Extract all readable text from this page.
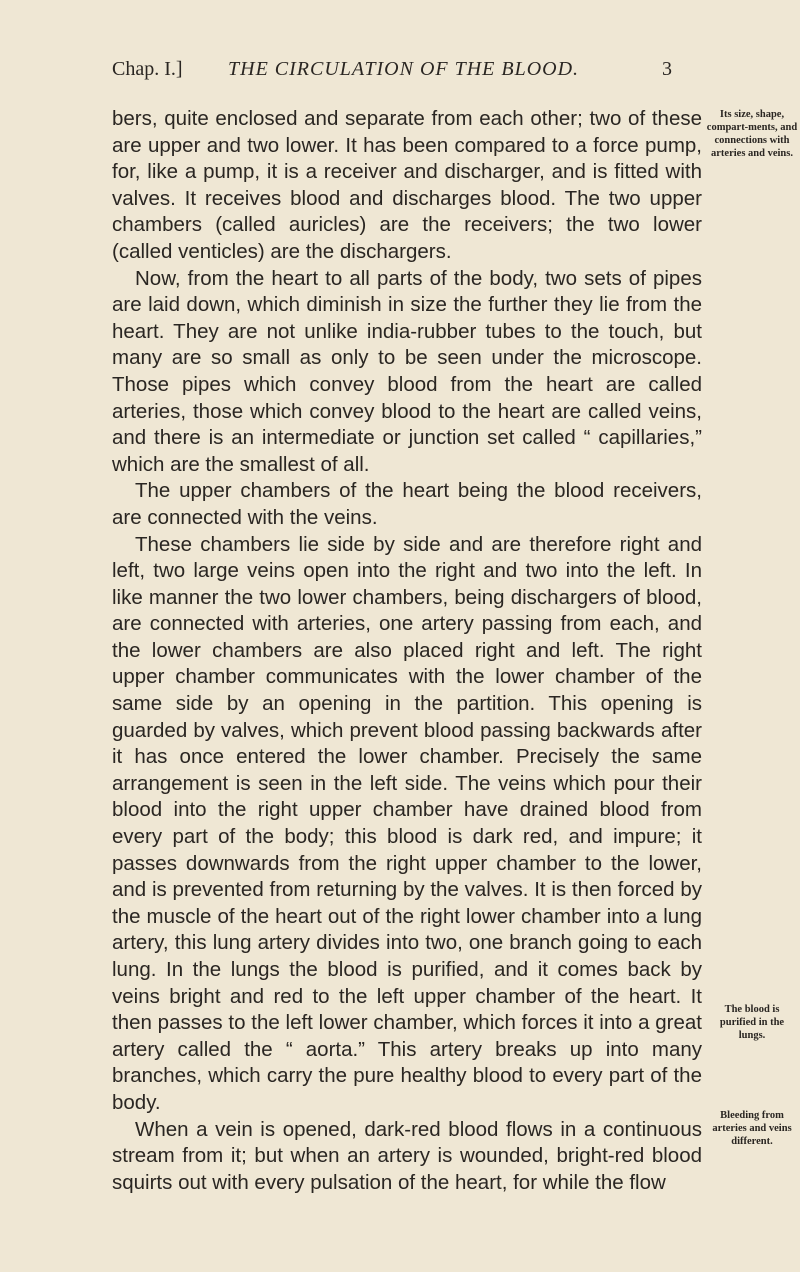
Chap. I.] THE CIRCULATION OF THE BLOOD.	3

bers, quite enclosed and separate from each other; two of these are upper and two lower. It has been compared to a force pump, for, like a pump, it is a receiver and discharger, and is fitted with valves. It receives blood and discharges blood. The two upper chambers (called auricles) are the receivers; the two lower (called venticles) are the dischargers.

Now, from the heart to all parts of the body, two sets of pipes are laid down, which diminish in size the further they lie from the heart. They are not unlike india-rubber tubes to the touch, but many are so small as only to be seen under the microscope. Those pipes which convey blood from the heart are called arteries, those which convey blood to the heart are called veins, and there is an intermediate or junction set called “ capillaries,” which are the smallest of all.

The upper chambers of the heart being the blood receivers, are connected with the veins.

These chambers lie side by side and are therefore right and left, two large veins open into the right and two into the left. In like manner the two lower chambers, being dischargers of blood, are connected with arteries, one artery passing from each, and the lower chambers are also placed right and left. The right upper chamber communicates with the lower chamber of the same side by an opening in the partition. This opening is guarded by valves, which prevent blood passing backwards after it has once entered the lower chamber. Precisely the same arrangement is seen in the left side. The veins which pour their blood into the right upper chamber have drained blood from every part of the body; this blood is dark red, and impure; it passes downwards from the right upper chamber to the lower, and is prevented from returning by the valves. It is then forced by the muscle of the heart out of the right lower chamber into a lung artery, this lung artery divides into two, one branch going to each lung. In the lungs the blood is purified, and it comes back by veins bright and red to the left upper chamber of the heart. It then passes to the left lower chamber, which forces it into a great artery called the “ aorta.” This artery breaks up into many branches, which carry the pure healthy blood to every part of the body.

When a vein is opened, dark-red blood flows in a continuous stream from it; but when an artery is wounded, bright-red blood squirts out with every pulsation of the heart, for while the flow

Its size, shape, compart-ments, and connections with arteries and veins.
The blood is purified in the lungs.
Bleeding from arteries and veins different.
